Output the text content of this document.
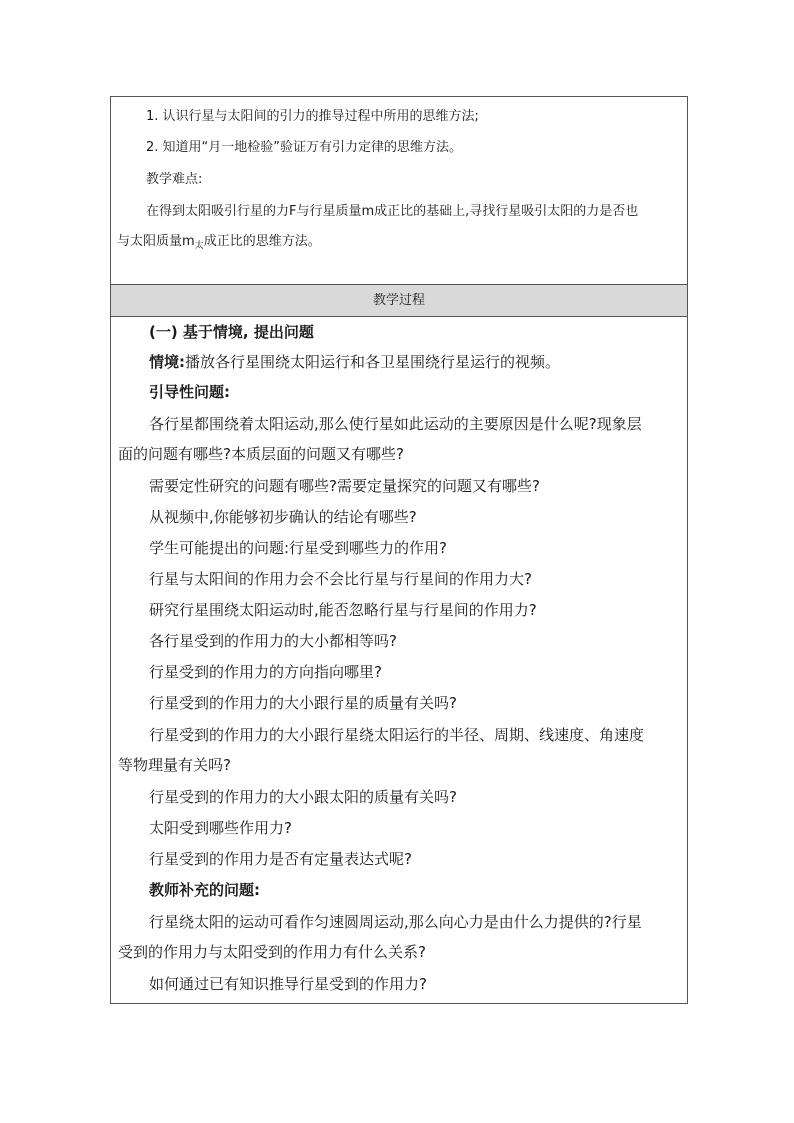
1. 认识行星与太阳间的引力的推导过程中所用的思维方法;
2. 知道用“月一地检验”验证万有引力定律的思维方法。
教学难点:
在得到太阳吸引行星的力F与行星质量m成正比的基础上,寻找行星吸引太阳的力是否也
与太阳质量$m_太$成正比的思维方法。
教学过程
(一) 基于情境, 提出问题
情境:播放各行星围绕太阳运行和各卫星围绕行星运行的视频。
引导性问题:
各行星都围绕着太阳运动,那么使行星如此运动的主要原因是什么呢?现象层
面的问题有哪些?本质层面的问题又有哪些?
需要定性研究的问题有哪些?需要定量探究的问题又有哪些?
从视频中,你能够初步确认的结论有哪些?
学生可能提出的问题:行星受到哪些力的作用?
行星与太阳间的作用力会不会比行星与行星间的作用力大?
研究行星围绕太阳运动时,能否忽略行星与行星间的作用力?
各行星受到的作用力的大小都相等吗?
行星受到的作用力的方向指向哪里?
行星受到的作用力的大小跟行星的质量有关吗?
行星受到的作用力的大小跟行星绕太阳运行的半径、周期、线速度、角速度
等物理量有关吗?
行星受到的作用力的大小跟太阳的质量有关吗?
太阳受到哪些作用力?
行星受到的作用力是否有定量表达式呢?
教师补充的问题:
行星绕太阳的运动可看作匀速圆周运动,那么向心力是由什么力提供的?行星
受到的作用力与太阳受到的作用力有什么关系?
如何通过已有知识推导行星受到的作用力?
